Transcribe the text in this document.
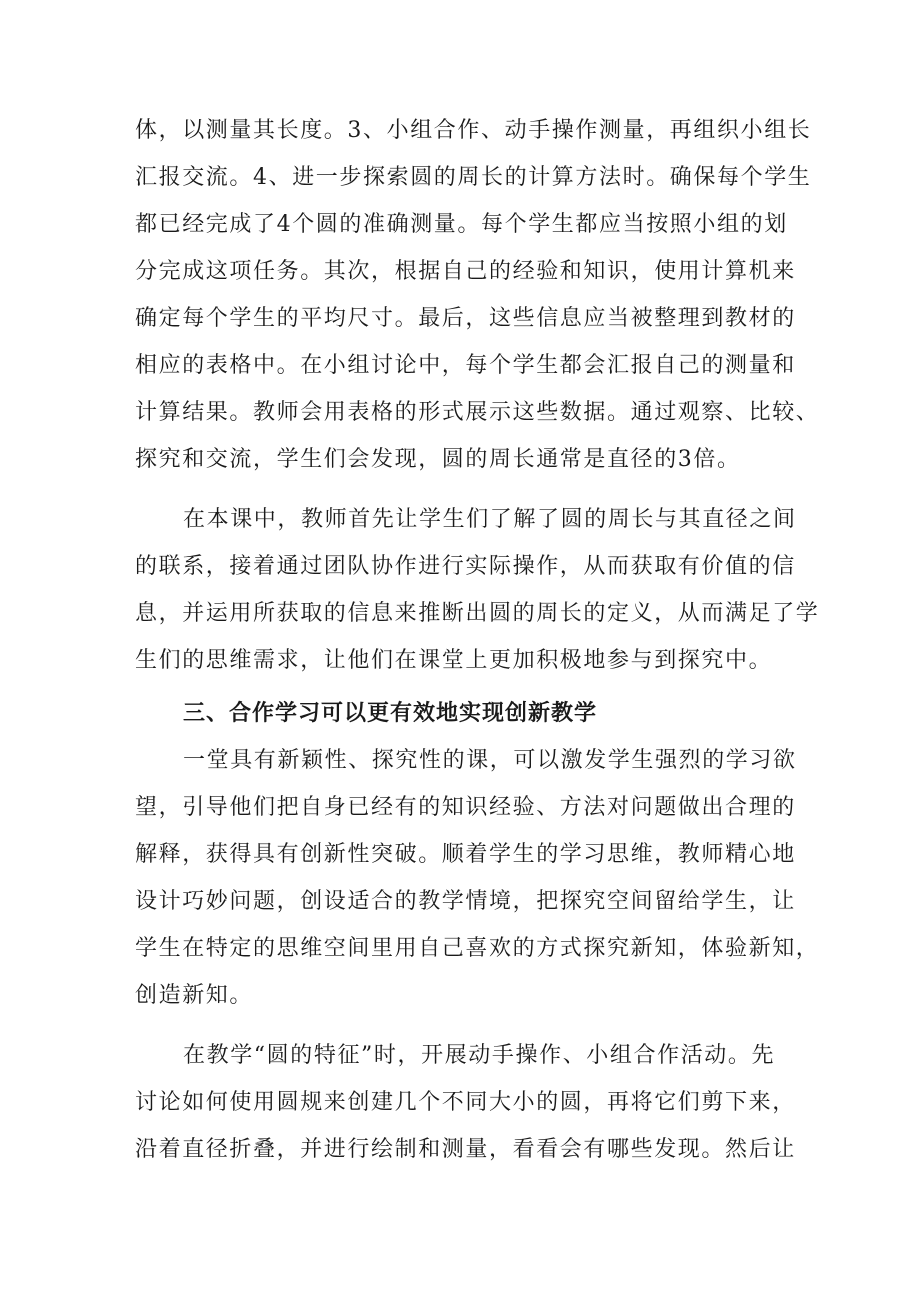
体，以测量其长度。3、小组合作、动手操作测量，再组织小组长
汇报交流。4、进一步探索圆的周长的计算方法时。确保每个学生
都已经完成了4个圆的准确测量。每个学生都应当按照小组的划
分完成这项任务。其次，根据自己的经验和知识，使用计算机来
确定每个学生的平均尺寸。最后，这些信息应当被整理到教材的
相应的表格中。在小组讨论中，每个学生都会汇报自己的测量和
计算结果。教师会用表格的形式展示这些数据。通过观察、比较、
探究和交流，学生们会发现，圆的周长通常是直径的3倍。
在本课中，教师首先让学生们了解了圆的周长与其直径之间
的联系，接着通过团队协作进行实际操作，从而获取有价值的信
息，并运用所获取的信息来推断出圆的周长的定义，从而满足了学
生们的思维需求，让他们在课堂上更加积极地参与到探究中。
三、合作学习可以更有效地实现创新教学
一堂具有新颖性、探究性的课，可以激发学生强烈的学习欲
望，引导他们把自身已经有的知识经验、方法对问题做出合理的
解释，获得具有创新性突破。顺着学生的学习思维，教师精心地
设计巧妙问题，创设适合的教学情境，把探究空间留给学生，让
学生在特定的思维空间里用自己喜欢的方式探究新知，体验新知，
创造新知。
在教学“圆的特征”时，开展动手操作、小组合作活动。先
讨论如何使用圆规来创建几个不同大小的圆，再将它们剪下来，
沿着直径折叠，并进行绘制和测量，看看会有哪些发现。然后让
